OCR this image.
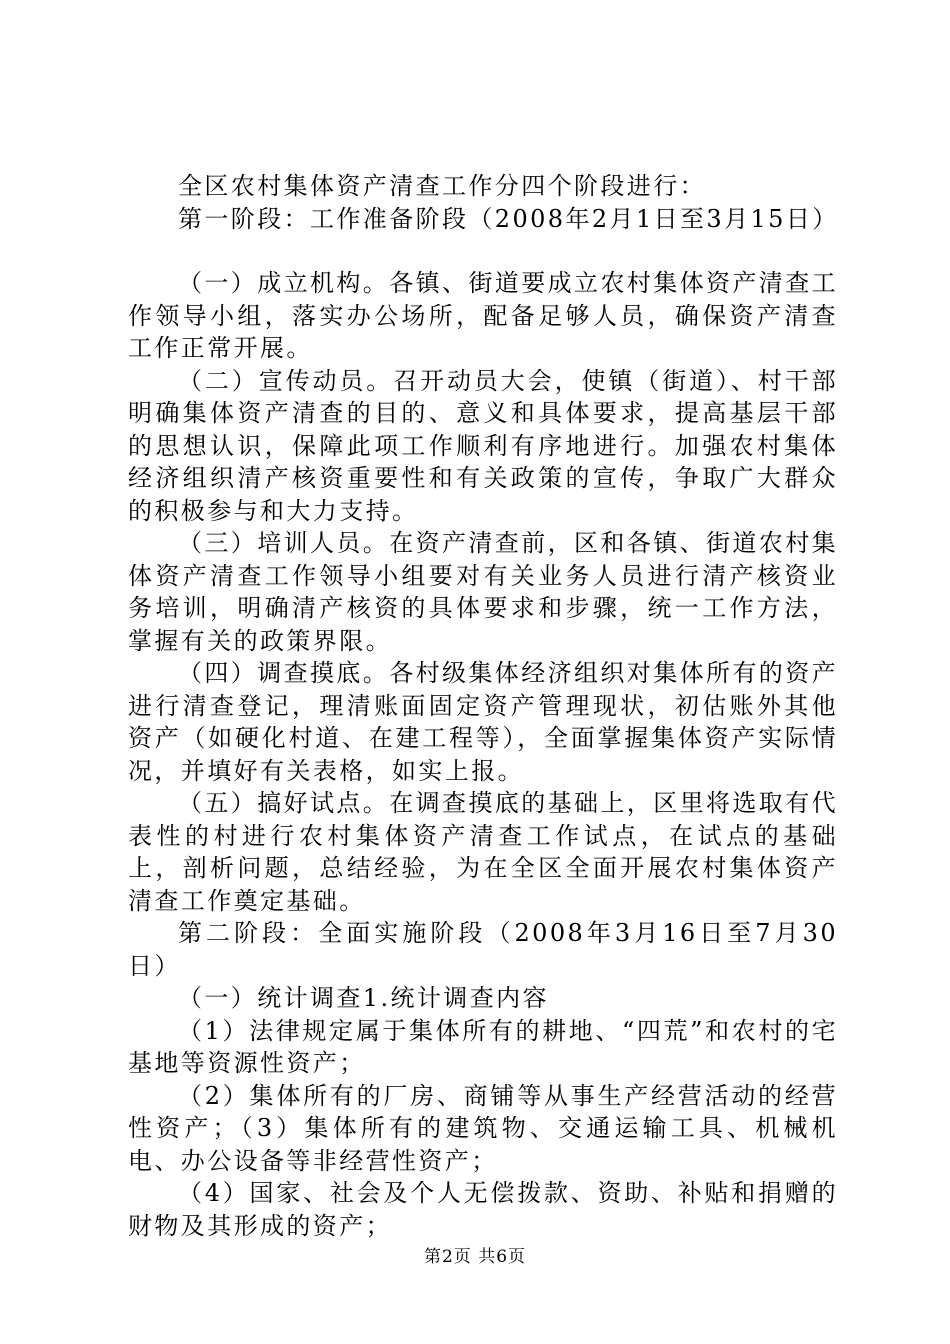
全区农村集体资产清查工作分四个阶段进行：

第一阶段：工作准备阶段（2008年2月1日至3月15日）

（一）成立机构。各镇、街道要成立农村集体资产清查工作领导小组，落实办公场所，配备足够人员，确保资产清查工作正常开展。

（二）宣传动员。召开动员大会，使镇（街道）、村干部明确集体资产清查的目的、意义和具体要求，提高基层干部的思想认识，保障此项工作顺利有序地进行。加强农村集体经济组织清产核资重要性和有关政策的宣传，争取广大群众的积极参与和大力支持。

（三）培训人员。在资产清查前，区和各镇、街道农村集体资产清查工作领导小组要对有关业务人员进行清产核资业务培训，明确清产核资的具体要求和步骤，统一工作方法，掌握有关的政策界限。

（四）调查摸底。各村级集体经济组织对集体所有的资产进行清查登记，理清账面固定资产管理现状，初估账外其他资产（如硬化村道、在建工程等），全面掌握集体资产实际情况，并填好有关表格，如实上报。

（五）搞好试点。在调查摸底的基础上，区里将选取有代表性的村进行农村集体资产清查工作试点，在试点的基础上，剖析问题，总结经验，为在全区全面开展农村集体资产清查工作奠定基础。

第二阶段：全面实施阶段（2008年3月16日至7月30日）

（一）统计调查1.统计调查内容

（1）法律规定属于集体所有的耕地、“四荒”和农村的宅基地等资源性资产；

（2）集体所有的厂房、商铺等从事生产经营活动的经营性资产；（3）集体所有的建筑物、交通运输工具、机械机电、办公设备等非经营性资产；

（4）国家、社会及个人无偿拨款、资助、补贴和捐赠的财物及其形成的资产；

第2页 共6页
